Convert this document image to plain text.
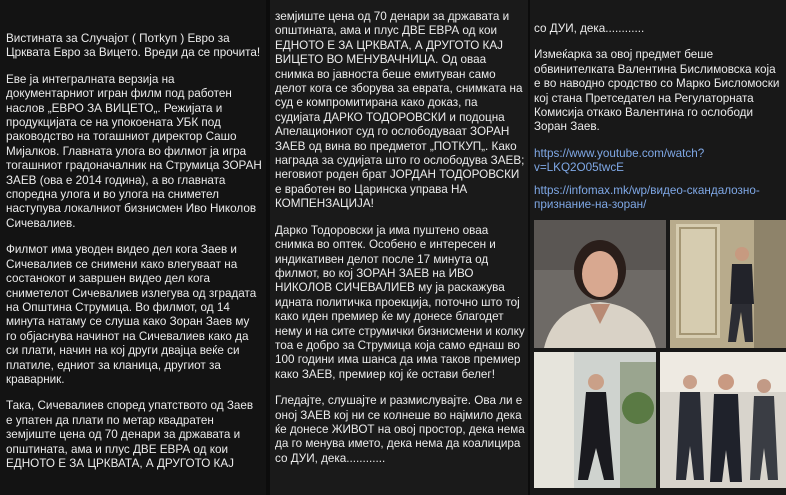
Вистината за Случајот ( Потkуп ) Евро за Црквата Евро за Вицето. Вреди да се прочита!

Еве ја интегралната верзија на документарниот игран филм под работен наслов „ЕВРО ЗА ВИЦЕТО„. Режијата и продукцијата се на упокоената УБК под раководство на тогашниот директор Сашо Мијалков. Главната улога во филмот ја игра тогашниот градоначалник на Струмица ЗОРАН ЗАЕВ (ова е 2014 година), а во главната споредна улога и во улога на сниметел наступува локалниот бизнисмен Иво Николов Сичевалиев.

Филмот има уводен видео дел кога Заев и Сичевалиев се снимени како влегуваат на состанокот и завршен видео дел кога сниметелот Сичевалиев излегува од зградата на Општина Струмица. Во филмот, од 14 минута натаму се слуша како Зоран Заев му го објаснува начинот на Сичевалиев како да си плати, начин на кој други двајца веќе си платиле, едниот за кланица, другиот за краварник.

Така, Сичевалиев според упатството од Заев е упатен да плати по метар квадратен земјиште цена од 70 денари за државата и општината, ама и плус ДВЕ ЕВРА од кои ЕДНОТО Е ЗА ЦРКВАТА, А ДРУГОТО КАЈ

земјиште цена од 70 денари за државата и општината, ама и плус ДВЕ ЕВРА од кои ЕДНОТО Е ЗА ЦРКВАТА, А ДРУГОТО КАЈ ВИЦЕТО ВО МЕНУВАЧНИЦА. Од оваа снимка во јавноста беше емитуван само делот кога се зборува за еврата, снимката на суд е компромитирана како доказ, па судијата ДАРКО ТОДОРОВСКИ и подоцна Апелациониот суд го ослободуваат ЗОРАН ЗАЕВ од вина во предметот „ПОТКУП„. Како награда за судијата што го ослободува ЗАЕВ; неговиот роден брат ЈОРДАН ТОДОРОВСКИ е вработен во Царинска управа НА КОМПЕНЗАЦИЈА!

Дарко Тодоровски ја има пуштено оваа снимка во оптек. Особено е интересен и индикативен делот после 17 минута од филмот, во кој ЗОРАН ЗАЕВ на ИВО НИКОЛОВ СИЧЕВАЛИЕВ му ја раскажува идната политичка проекција, поточно што тој како иден премиер ќе му донесе благодет нему и на сите струмички бизнисмени и колку тоа е добро за Струмица која само еднаш во 100 години има шанса да има таков премиер како ЗАЕВ, премиер кој ќе остави белег!

Гледајте, слушајте и размислувајте. Ова ли е оној ЗАЕВ кој ни се колнеше во најмило дека ќе донесе ЖИВОТ на овој простор, дека нема да го менува името, дека нема да коалицира со ДУИ, дека............

со ДУИ, дека............

Измеќарка за овој предмет беше обвинителката Валентина Бислимовска која е во наводно сродство со Марко Бисломоски кој стана Претседател на Регулаторната Комисија откако Валентина го ослободи Зоран Заев.

https://www.youtube.com/watch?v=LKQ2O05twcE

https://infomax.mk/wp/видео-скандалозно-признание-на-зоран/
